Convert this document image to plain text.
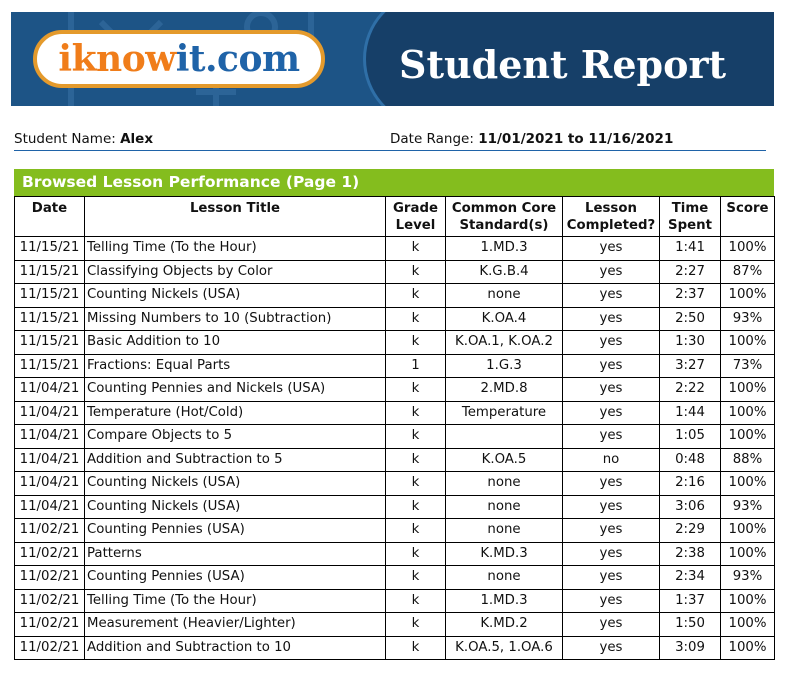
iknowit.com	Student Report
Student Name: Alex	Date Range: 11/01/2021 to 11/16/2021
Browsed Lesson Performance (Page 1)
Date	Lesson Title	Grade Level	Common Core Standard(s)	Lesson Completed?	Time Spent	Score
11/15/21	Telling Time (To the Hour)	k	1.MD.3	yes	1:41	100%
11/15/21	Classifying Objects by Color	k	K.G.B.4	yes	2:27	87%
11/15/21	Counting Nickels (USA)	k	none	yes	2:37	100%
11/15/21	Missing Numbers to 10 (Subtraction)	k	K.OA.4	yes	2:50	93%
11/15/21	Basic Addition to 10	k	K.OA.1, K.OA.2	yes	1:30	100%
11/15/21	Fractions: Equal Parts	1	1.G.3	yes	3:27	73%
11/04/21	Counting Pennies and Nickels (USA)	k	2.MD.8	yes	2:22	100%
11/04/21	Temperature (Hot/Cold)	k	Temperature	yes	1:44	100%
11/04/21	Compare Objects to 5	k		yes	1:05	100%
11/04/21	Addition and Subtraction to 5	k	K.OA.5	no	0:48	88%
11/04/21	Counting Nickels (USA)	k	none	yes	2:16	100%
11/04/21	Counting Nickels (USA)	k	none	yes	3:06	93%
11/02/21	Counting Pennies (USA)	k	none	yes	2:29	100%
11/02/21	Patterns	k	K.MD.3	yes	2:38	100%
11/02/21	Counting Pennies (USA)	k	none	yes	2:34	93%
11/02/21	Telling Time (To the Hour)	k	1.MD.3	yes	1:37	100%
11/02/21	Measurement (Heavier/Lighter)	k	K.MD.2	yes	1:50	100%
11/02/21	Addition and Subtraction to 10	k	K.OA.5, 1.OA.6	yes	3:09	100%
